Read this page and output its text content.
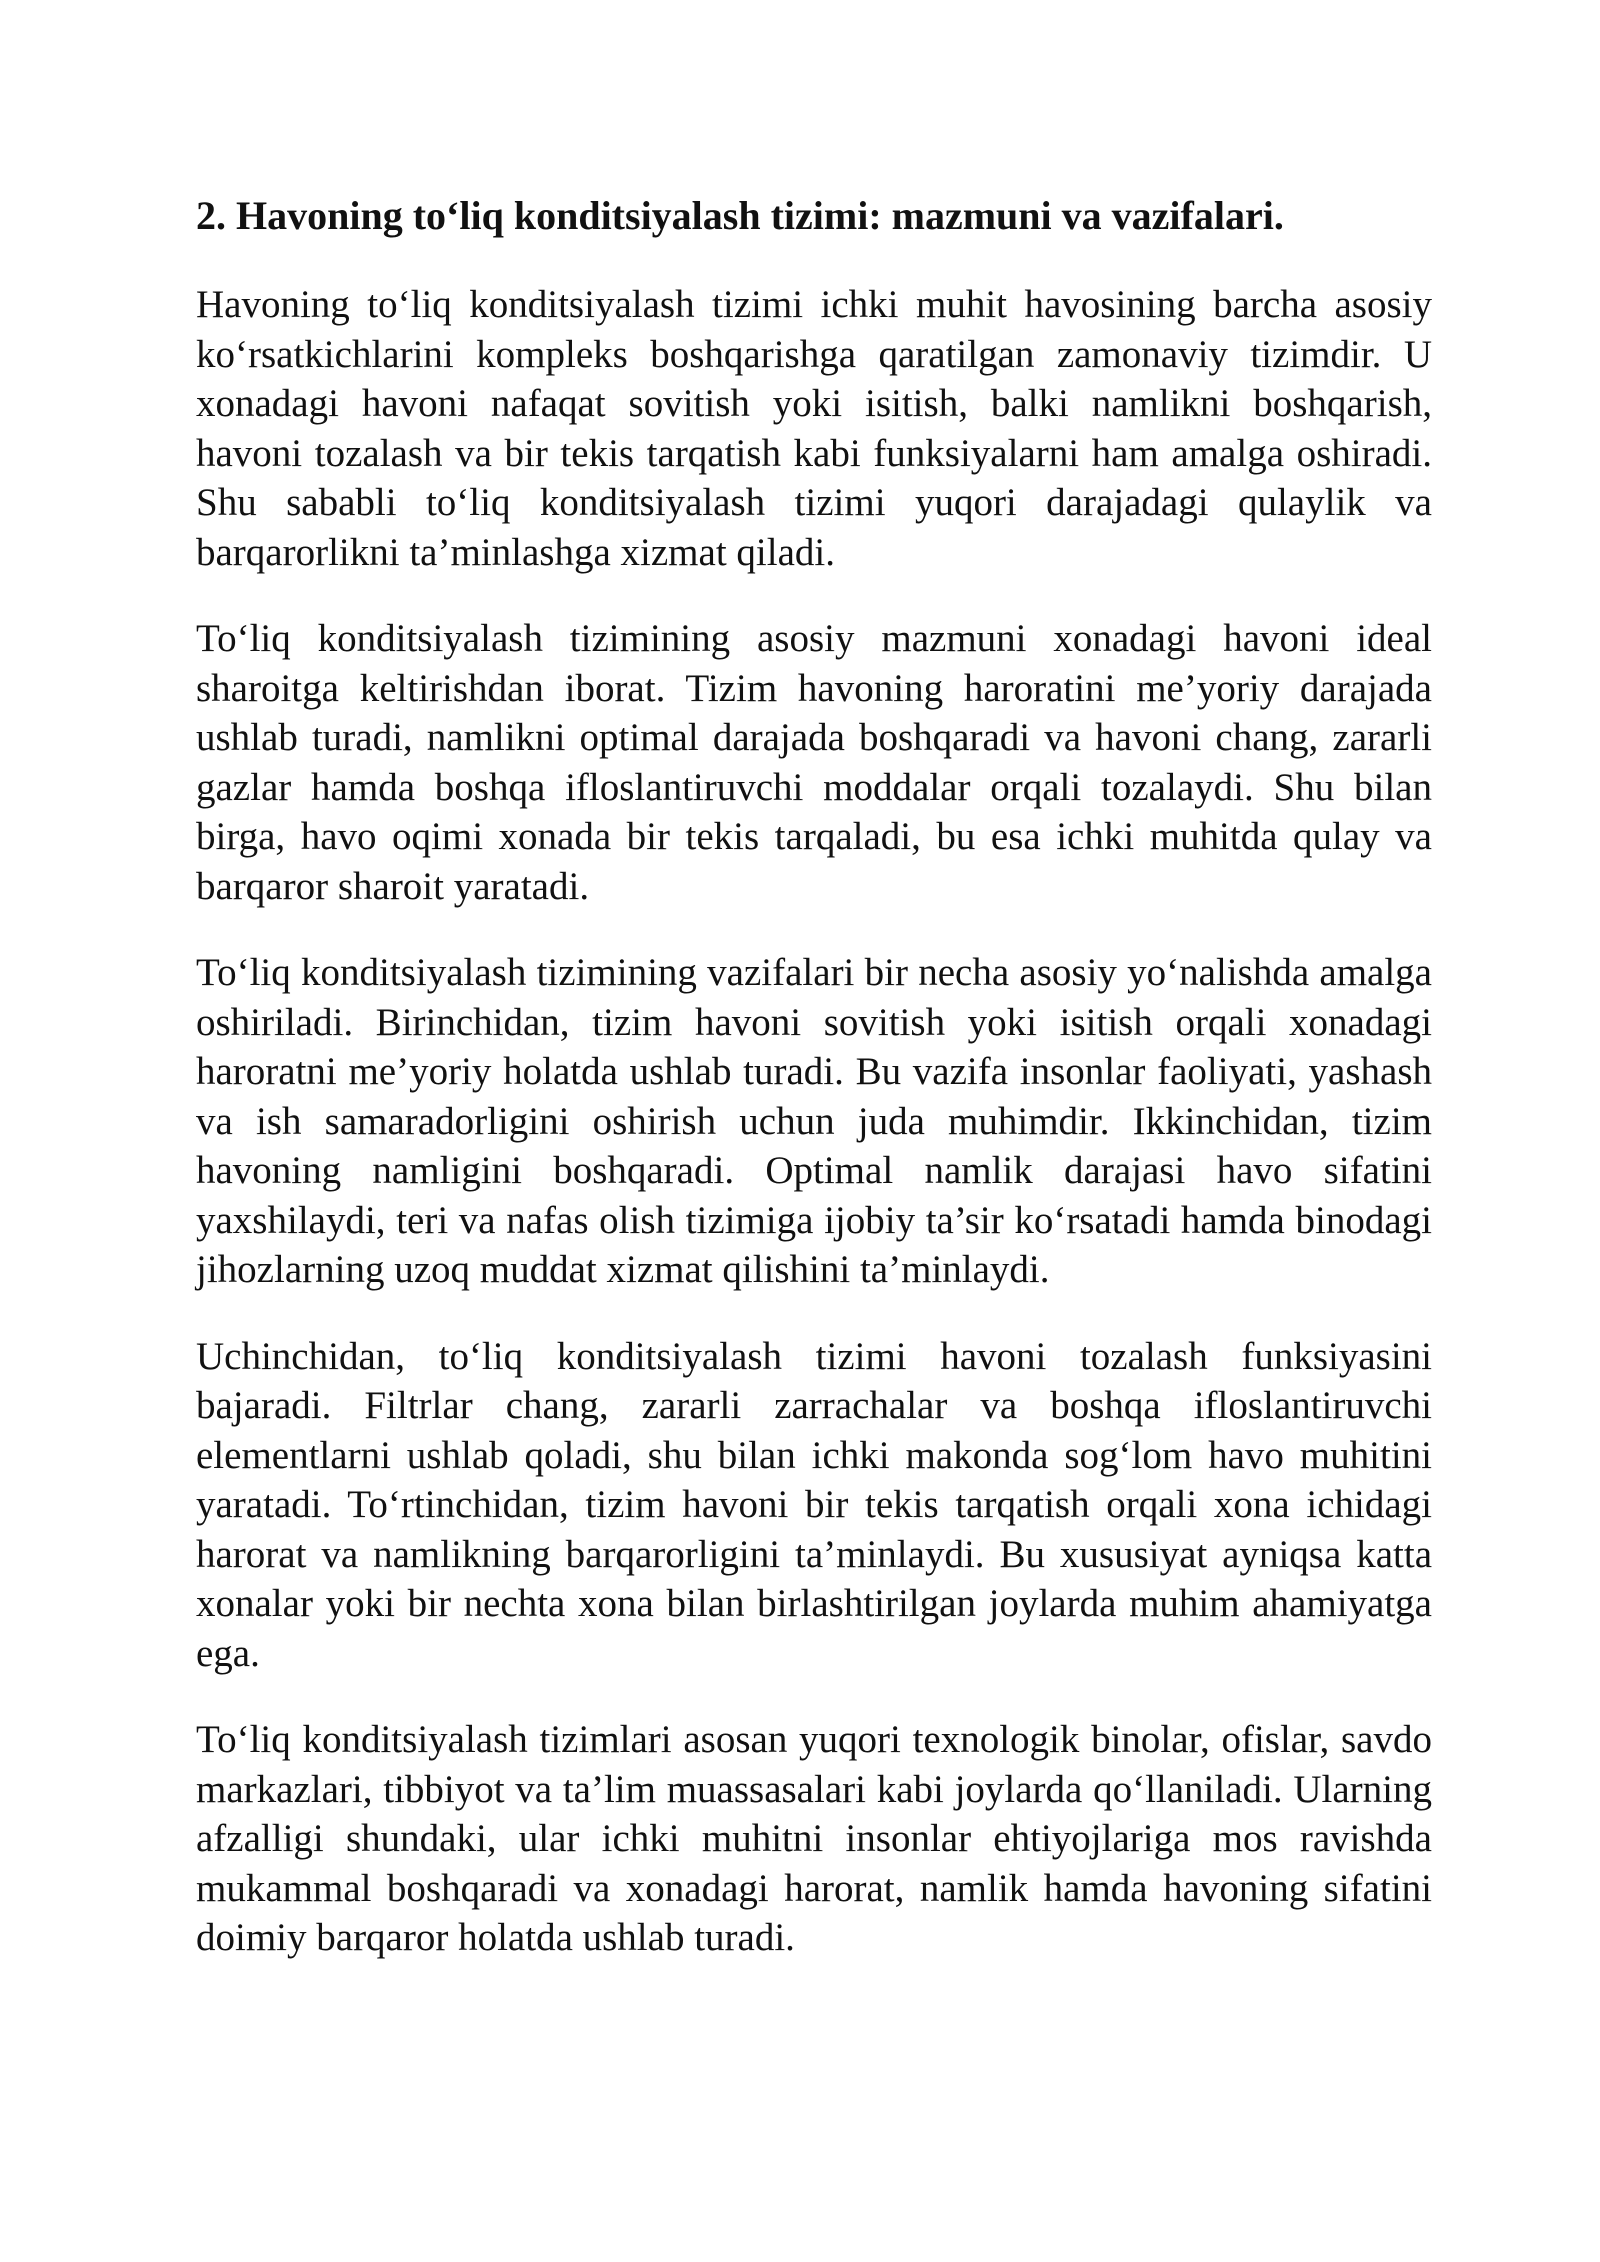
2. Havoning to‘liq konditsiyalash tizimi: mazmuni va vazifalari.

Havoning to‘liq konditsiyalash tizimi ichki muhit havosining barcha asosiy ko‘rsatkichlarini kompleks boshqarishga qaratilgan zamonaviy tizimdir. U xonadagi havoni nafaqat sovitish yoki isitish, balki namlikni boshqarish, havoni tozalash va bir tekis tarqatish kabi funksiyalarni ham amalga oshiradi. Shu sababli to‘liq konditsiyalash tizimi yuqori darajadagi qulaylik va barqarorlikni ta’minlashga xizmat qiladi.

To‘liq konditsiyalash tizimining asosiy mazmuni xonadagi havoni ideal sharoitga keltirishdan iborat. Tizim havoning haroratini me’yoriy darajada ushlab turadi, namlikni optimal darajada boshqaradi va havoni chang, zararli gazlar hamda boshqa ifloslantiruvchi moddalar orqali tozalaydi. Shu bilan birga, havo oqimi xonada bir tekis tarqaladi, bu esa ichki muhitda qulay va barqaror sharoit yaratadi.

To‘liq konditsiyalash tizimining vazifalari bir necha asosiy yo‘nalishda amalga oshiriladi. Birinchidan, tizim havoni sovitish yoki isitish orqali xonadagi haroratni me’yoriy holatda ushlab turadi. Bu vazifa insonlar faoliyati, yashash va ish samaradorligini oshirish uchun juda muhimdir. Ikkinchidan, tizim havoning namligini boshqaradi. Optimal namlik darajasi havo sifatini yaxshilaydi, teri va nafas olish tizimiga ijobiy ta’sir ko‘rsatadi hamda binodagi jihozlarning uzoq muddat xizmat qilishini ta’minlaydi.

Uchinchidan, to‘liq konditsiyalash tizimi havoni tozalash funksiyasini bajaradi. Filtrlar chang, zararli zarrachalar va boshqa ifloslantiruvchi elementlarni ushlab qoladi, shu bilan ichki makonda sog‘lom havo muhitini yaratadi. To‘rtinchidan, tizim havoni bir tekis tarqatish orqali xona ichidagi harorat va namlikning barqarorligini ta’minlaydi. Bu xususiyat ayniqsa katta xonalar yoki bir nechta xona bilan birlashtirilgan joylarda muhim ahamiyatga ega.

To‘liq konditsiyalash tizimlari asosan yuqori texnologik binolar, ofislar, savdo markazlari, tibbiyot va ta’lim muassasalari kabi joylarda qo‘llaniladi. Ularning afzalligi shundaki, ular ichki muhitni insonlar ehtiyojlariga mos ravishda mukammal boshqaradi va xonadagi harorat, namlik hamda havoning sifatini doimiy barqaror holatda ushlab turadi.
